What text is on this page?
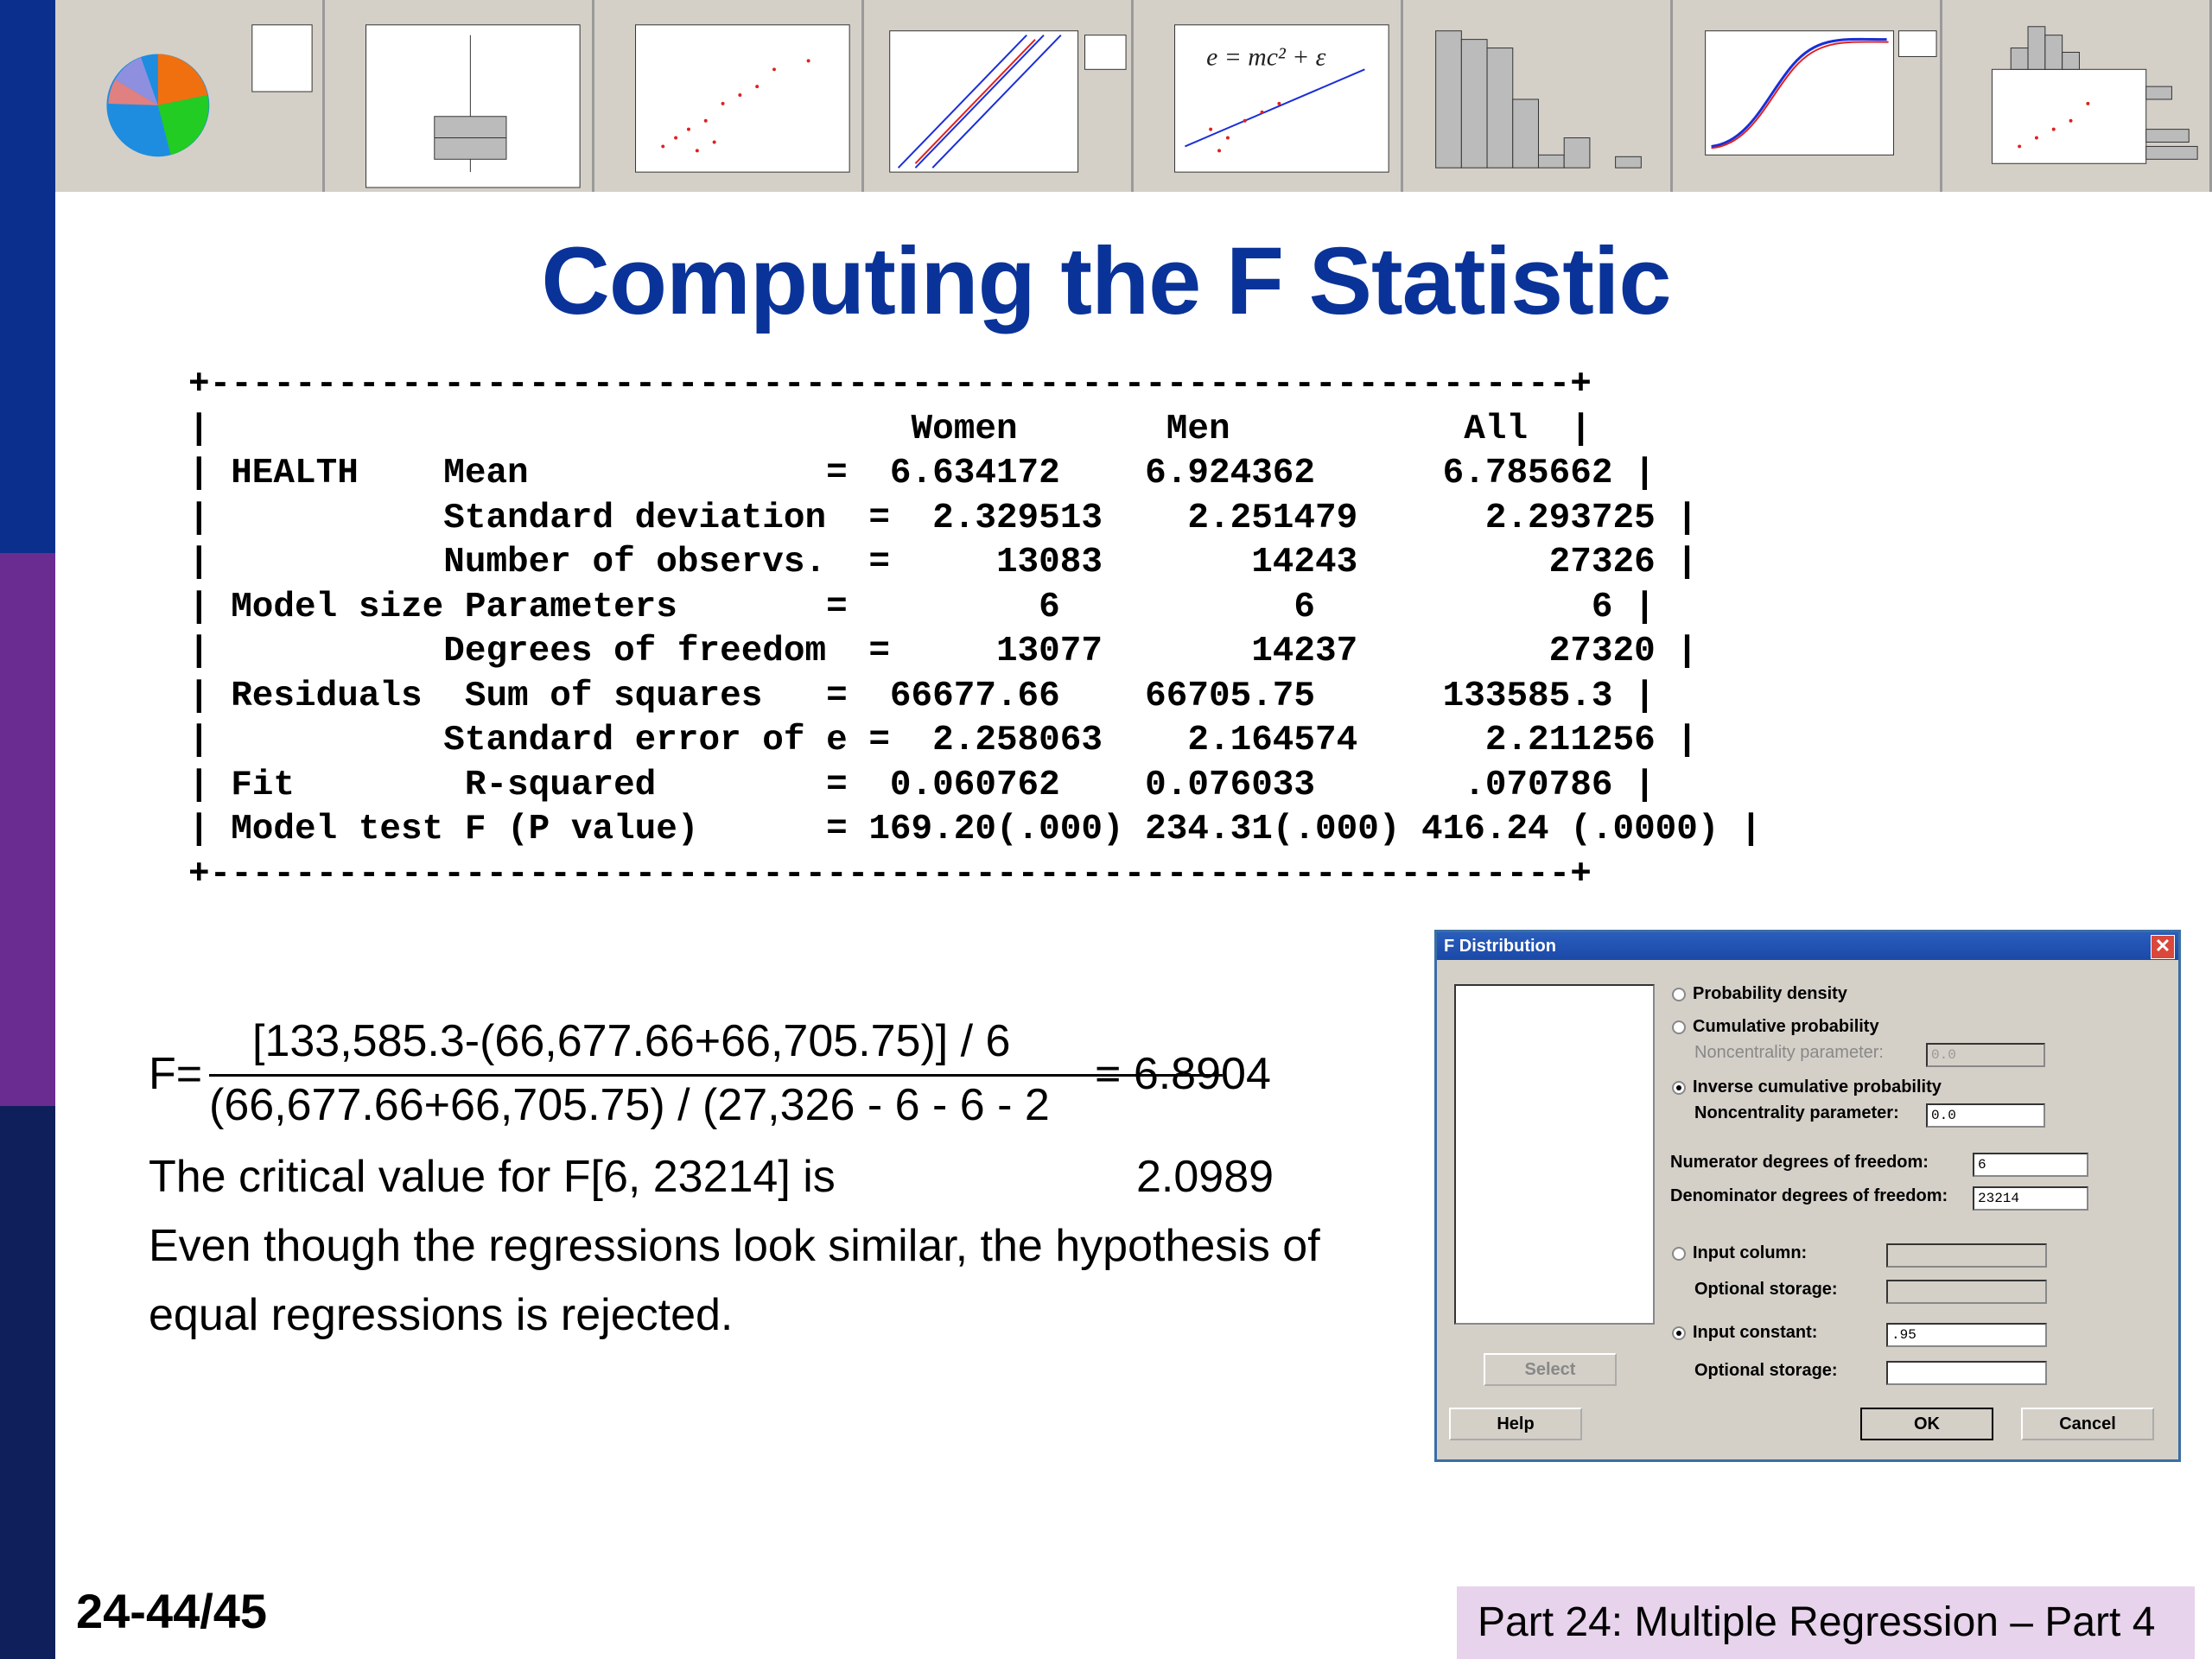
e = mc² + ε
Computing the F Statistic
+----------------------------------------------------------------+
|                                 Women       Men           All  |
| HEALTH    Mean              =  6.634172    6.924362      6.785662 |
|           Standard deviation  =  2.329513    2.251479      2.293725 |
|           Number of observs.  =     13083       14243         27326 |
| Model size Parameters       =         6           6             6 |
|           Degrees of freedom  =     13077       14237         27320 |
| Residuals  Sum of squares   =  66677.66    66705.75      133585.3 |
|           Standard error of e =  2.258063    2.164574      2.211256 |
| Fit        R-squared        =  0.060762    0.076033       .070786 |
| Model test F (P value)      = 169.20(.000) 234.31(.000) 416.24 (.0000) |
+----------------------------------------------------------------+
F=
[133,585.3-(66,677.66+66,705.75)] / 6
(66,677.66+66,705.75) / (27,326 - 6 - 6 - 2
= 6.8904
The critical value for F[6, 23214] is	2.0989
Even though the regressions look similar, the hypothesis of
equal regressions is rejected.
F Distribution	✕
Probability density
Cumulative probability
Noncentrality parameter:	0.0
Inverse cumulative probability
Noncentrality parameter:	0.0
Numerator degrees of freedom:	6
Denominator degrees of freedom:	23214
Input column:
Optional storage:
Input constant:	.95
Optional storage:
Select
Help	OK	Cancel
24-44/45	Part 24: Multiple Regression – Part 4
